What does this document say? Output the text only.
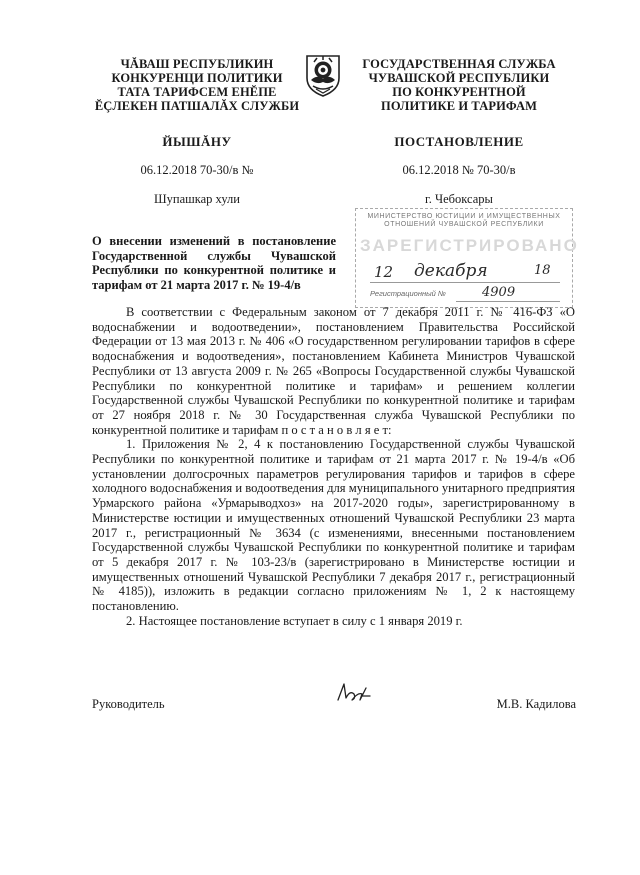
ЧĂВАШ РЕСПУБЛИКИН
КОНКУРЕНЦИ ПОЛИТИКИ
ТАТА ТАРИФСЕМ ЕНĔПЕ
ĔÇЛЕКЕН ПАТШАЛĂХ СЛУЖБИ
ГОСУДАРСТВЕННАЯ СЛУЖБА
ЧУВАШСКОЙ РЕСПУБЛИКИ
ПО КОНКУРЕНТНОЙ
ПОЛИТИКЕ И ТАРИФАМ
ЙЫШĂНУ	ПОСТАНОВЛЕНИЕ
06.12.2018 70-30/в №	06.12.2018 № 70-30/в
Шупашкар хули	г. Чебоксары
МИНИСТЕРСТВО ЮСТИЦИИ И ИМУЩЕСТВЕННЫХ
ОТНОШЕНИЙ ЧУВАШСКОЙ РЕСПУБЛИКИ
ЗАРЕГИСТРИРОВАНО
12 декабря	18
Регистрационный №	4909
О внесении изменений в постановление Государственной службы Чувашской Республики по конкурентной политике и тарифам от 21 марта 2017 г. № 19-4/в

В соответствии с Федеральным законом от 7 декабря 2011 г. № 416-ФЗ «О водоснабжении и водоотведении», постановлением Правительства Российской Федерации от 13 мая 2013 г. № 406 «О государственном регулировании тарифов в сфере водоснабжения и водоотведения», постановлением Кабинета Министров Чувашской Республики от 13 августа 2009 г. № 265 «Вопросы Государственной службы Чувашской Республики по конкурентной политике и тарифам» и решением коллегии Государственной службы Чувашской Республики по конкурентной политике и тарифам от 27 ноября 2018 г. № 30 Государственная служба Чувашской Республики по конкурентной политике и тарифам п о с т а н о в л я е т:

1. Приложения № 2, 4 к постановлению Государственной службы Чувашской Республики по конкурентной политике и тарифам от 21 марта 2017 г. № 19-4/в «Об установлении долгосрочных параметров регулирования тарифов и тарифов в сфере холодного водоснабжения и водоотведения для муниципального унитарного предприятия Урмарского района «Урмарыводхоз» на 2017-2020 годы», зарегистрированному в Министерстве юстиции и имущественных отношений Чувашской Республики 23 марта 2017 г., регистрационный № 3634 (с изменениями, внесенными постановлением Государственной службы Чувашской Республики по конкурентной политике и тарифам от 5 декабря 2017 г. № 103-23/в (зарегистрировано в Министерстве юстиции и имущественных отношений Чувашской Республики 7 декабря 2017 г., регистрационный № 4185)), изложить в редакции согласно приложениям № 1, 2 к настоящему постановлению.

2. Настоящее постановление вступает в силу с 1 января 2019 г.

Руководитель	М.В. Кадилова
